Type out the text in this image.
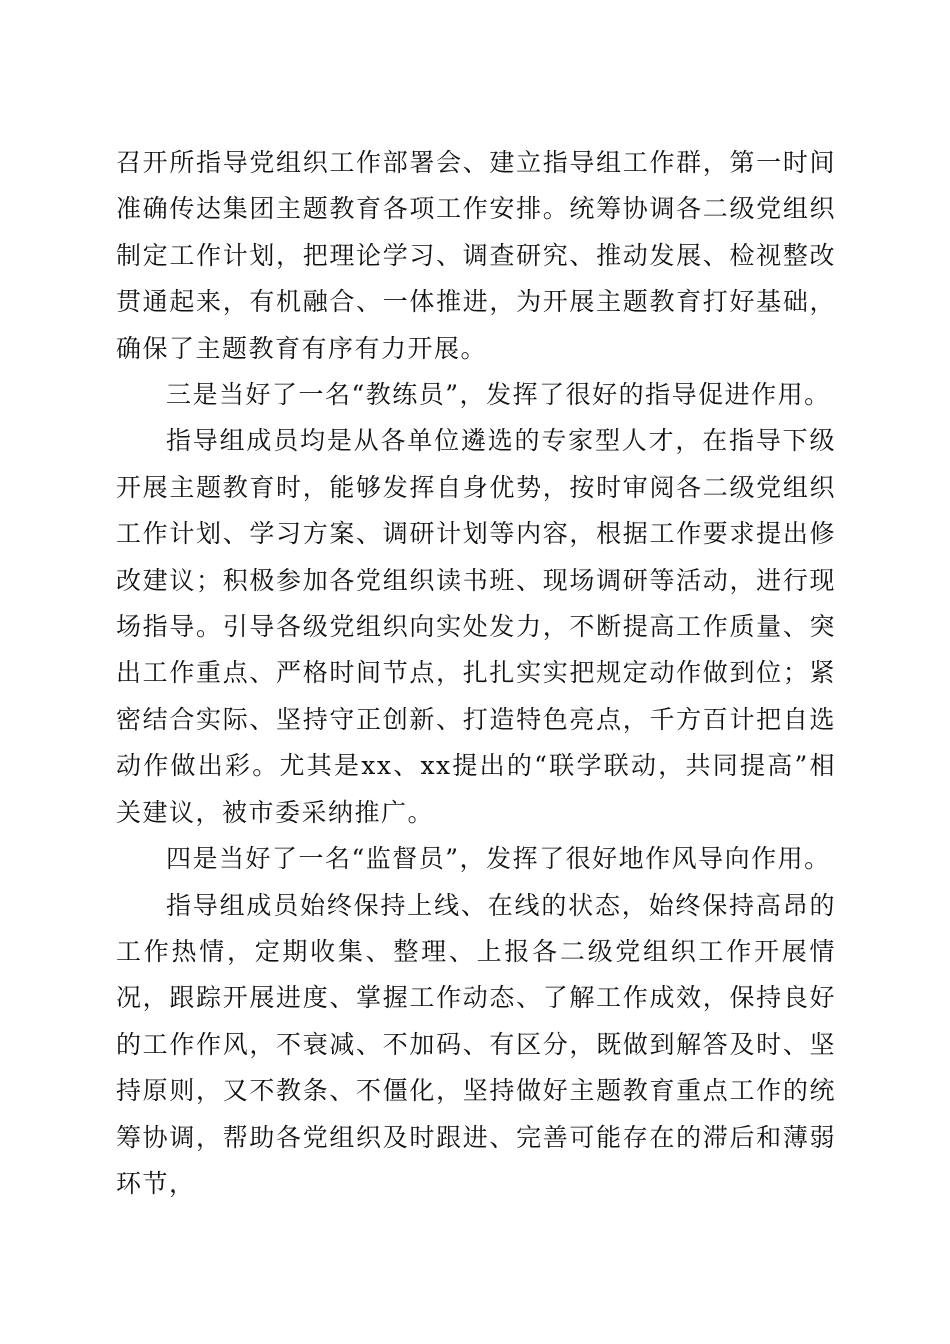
召开所指导党组织工作部署会、建立指导组工作群，第一时间准确传达集团主题教育各项工作安排。统筹协调各二级党组织制定工作计划，把理论学习、调查研究、推动发展、检视整改贯通起来，有机融合、一体推进，为开展主题教育打好基础，确保了主题教育有序有力开展。

三是当好了一名“教练员”，发挥了很好的指导促进作用。

指导组成员均是从各单位遴选的专家型人才，在指导下级开展主题教育时，能够发挥自身优势，按时审阅各二级党组织工作计划、学习方案、调研计划等内容，根据工作要求提出修改建议；积极参加各党组织读书班、现场调研等活动，进行现场指导。引导各级党组织向实处发力，不断提高工作质量、突出工作重点、严格时间节点，扎扎实实把规定动作做到位；紧密结合实际、坚持守正创新、打造特色亮点，千方百计把自选动作做出彩。尤其是xx、xx提出的“联学联动，共同提高”相关建议，被市委采纳推广。

四是当好了一名“监督员”，发挥了很好地作风导向作用。

指导组成员始终保持上线、在线的状态，始终保持高昂的工作热情，定期收集、整理、上报各二级党组织工作开展情况，跟踪开展进度、掌握工作动态、了解工作成效，保持良好的工作作风，不衰减、不加码、有区分，既做到解答及时、坚持原则，又不教条、不僵化，坚持做好主题教育重点工作的统筹协调，帮助各党组织及时跟进、完善可能存在的滞后和薄弱环节，
